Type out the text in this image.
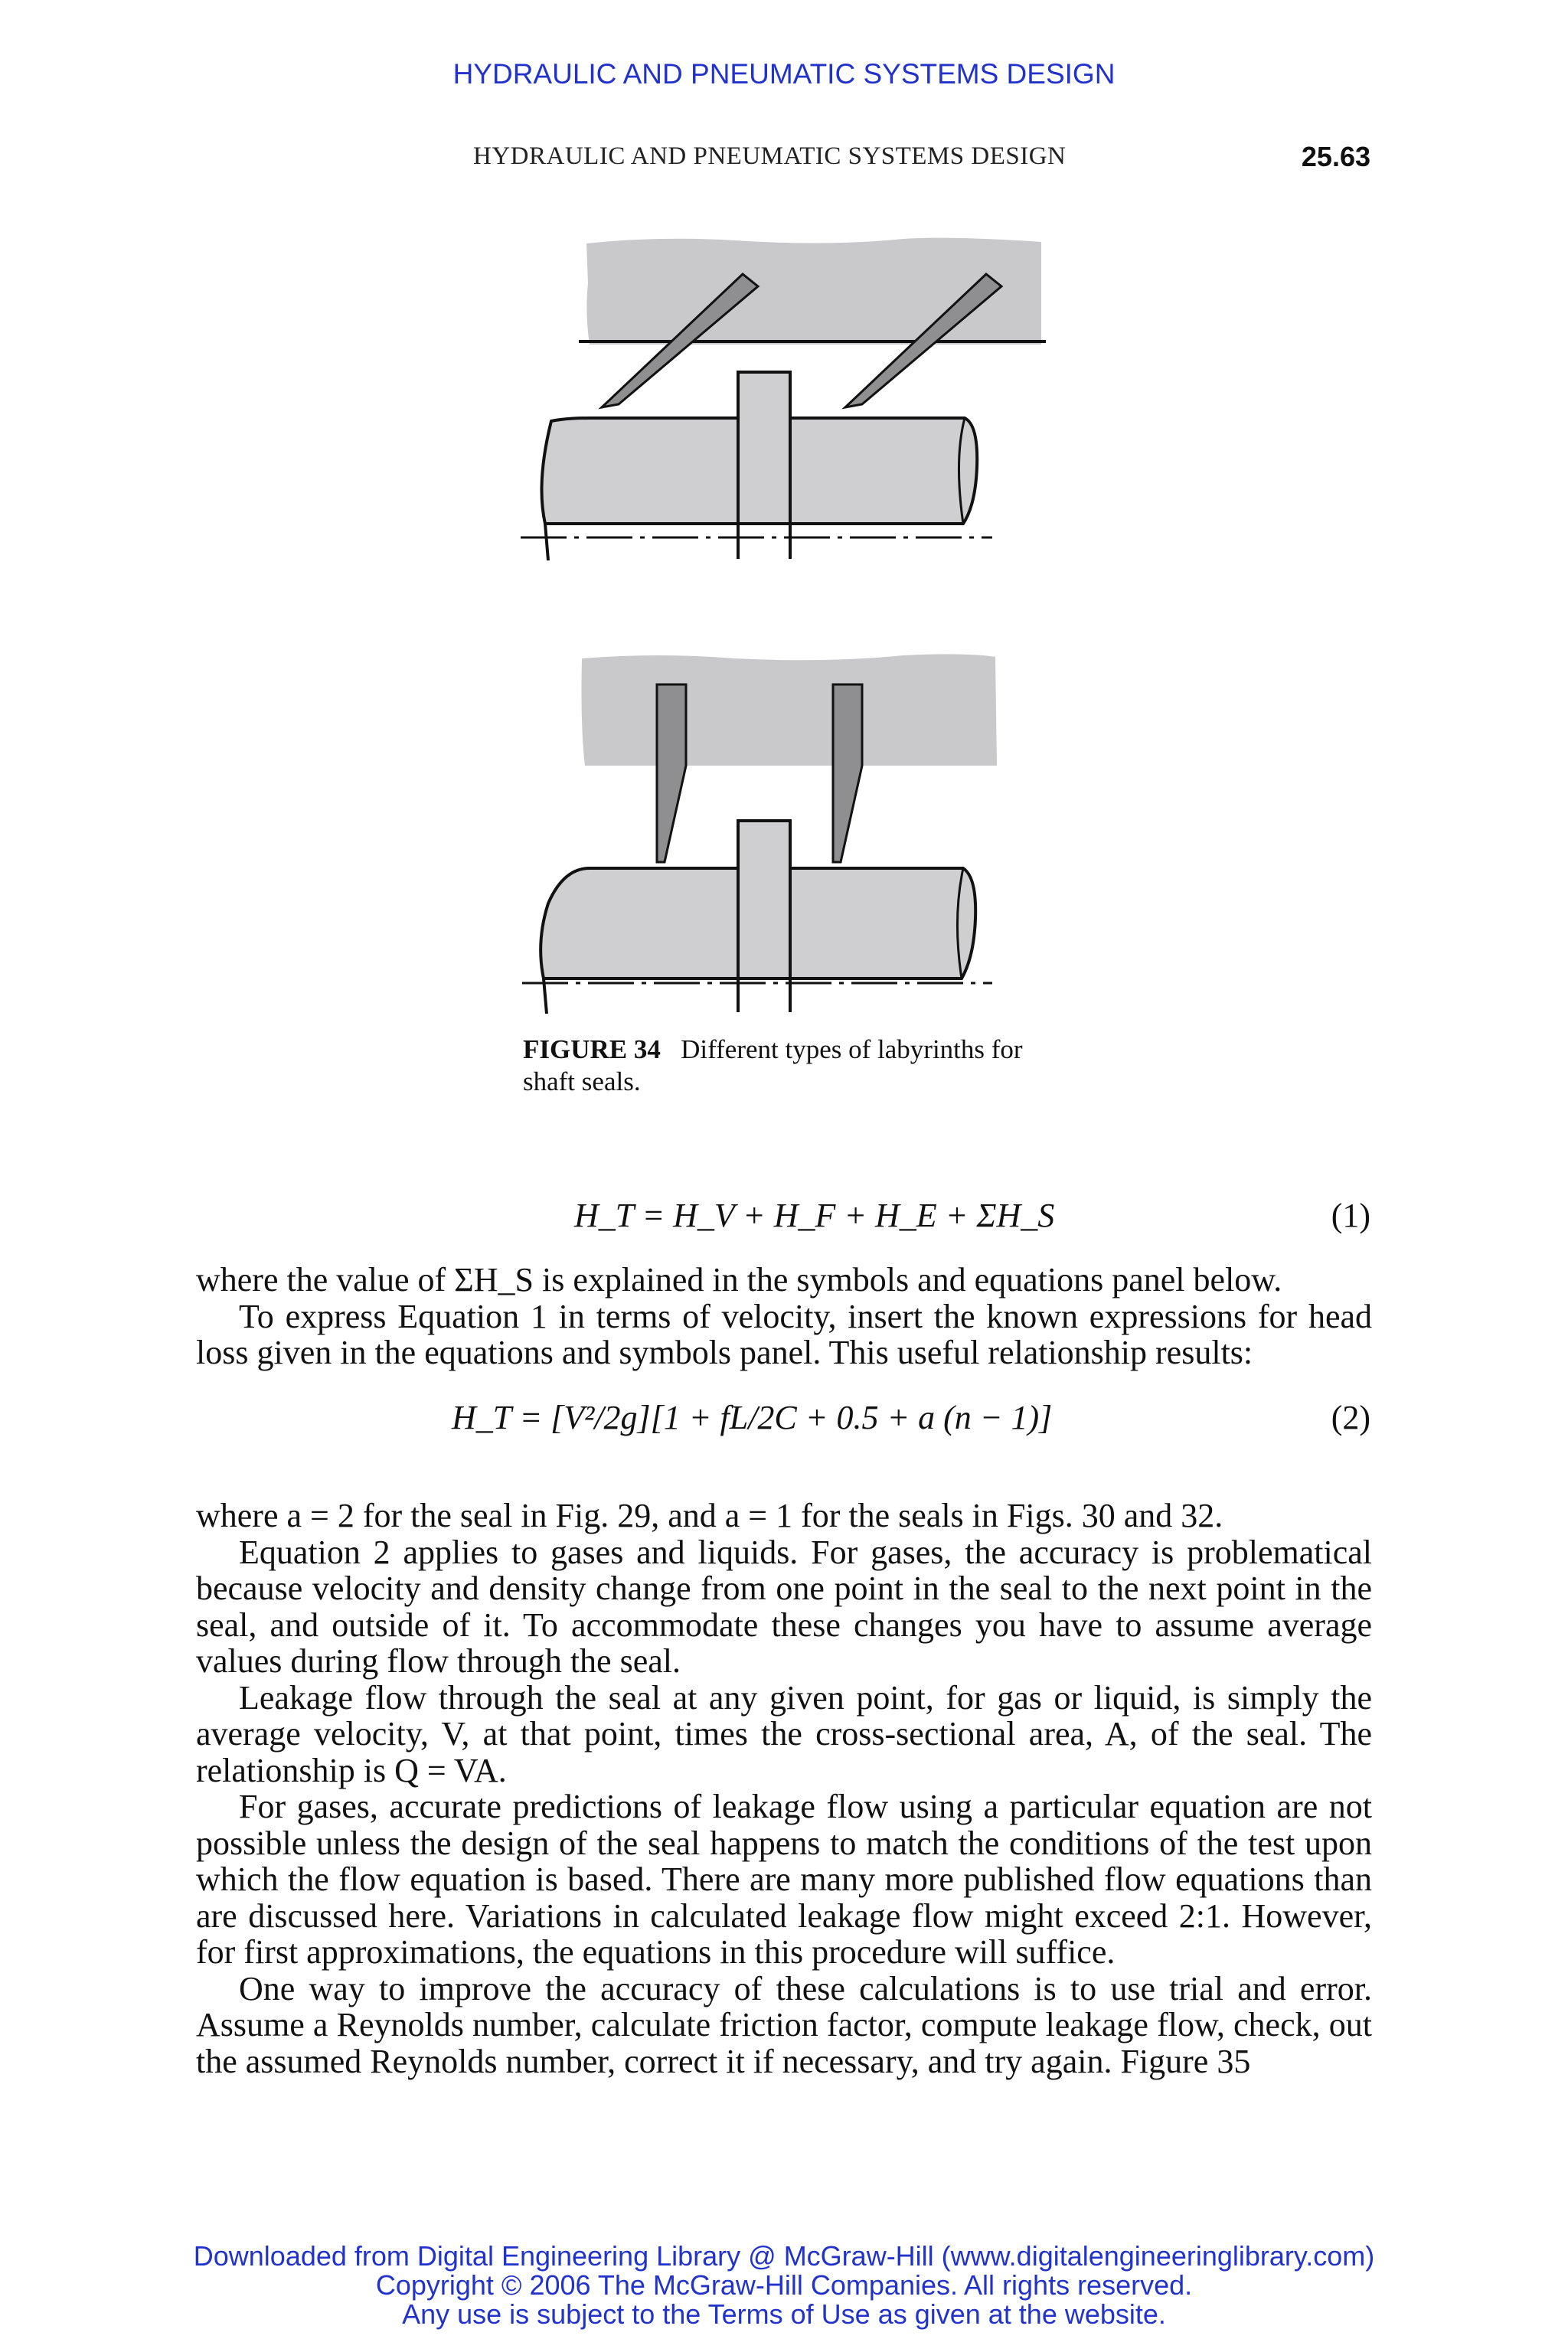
HYDRAULIC AND PNEUMATIC SYSTEMS DESIGN
HYDRAULIC AND PNEUMATIC SYSTEMS DESIGN	25.63
FIGURE 34 Different types of labyrinths for shaft seals.
H_T = H_V + H_F + H_E + ΣH_S	(1)

where the value of ΣH_S is explained in the symbols and equations panel below.

To express Equation 1 in terms of velocity, insert the known expressions for head loss given in the equations and symbols panel. This useful relationship results:

H_T = [V²/2g][1 + fL/2C + 0.5 + a (n − 1)]	(2)

where a = 2 for the seal in Fig. 29, and a = 1 for the seals in Figs. 30 and 32.

Equation 2 applies to gases and liquids. For gases, the accuracy is problematical because velocity and density change from one point in the seal to the next point in the seal, and outside of it. To accommodate these changes you have to assume average values during flow through the seal.

Leakage flow through the seal at any given point, for gas or liquid, is simply the average velocity, V, at that point, times the cross-sectional area, A, of the seal. The relationship is Q = VA.

For gases, accurate predictions of leakage flow using a particular equation are not possible unless the design of the seal happens to match the conditions of the test upon which the flow equation is based. There are many more published flow equations than are discussed here. Variations in calculated leakage flow might exceed 2:1. However, for first approximations, the equations in this procedure will suffice.

One way to improve the accuracy of these calculations is to use trial and error. Assume a Reynolds number, calculate friction factor, compute leakage flow, check, out the assumed Reynolds number, correct it if necessary, and try again. Figure 35

Downloaded from Digital Engineering Library @ McGraw-Hill (www.digitalengineeringlibrary.com)
Copyright © 2006 The McGraw-Hill Companies. All rights reserved.
Any use is subject to the Terms of Use as given at the website.
